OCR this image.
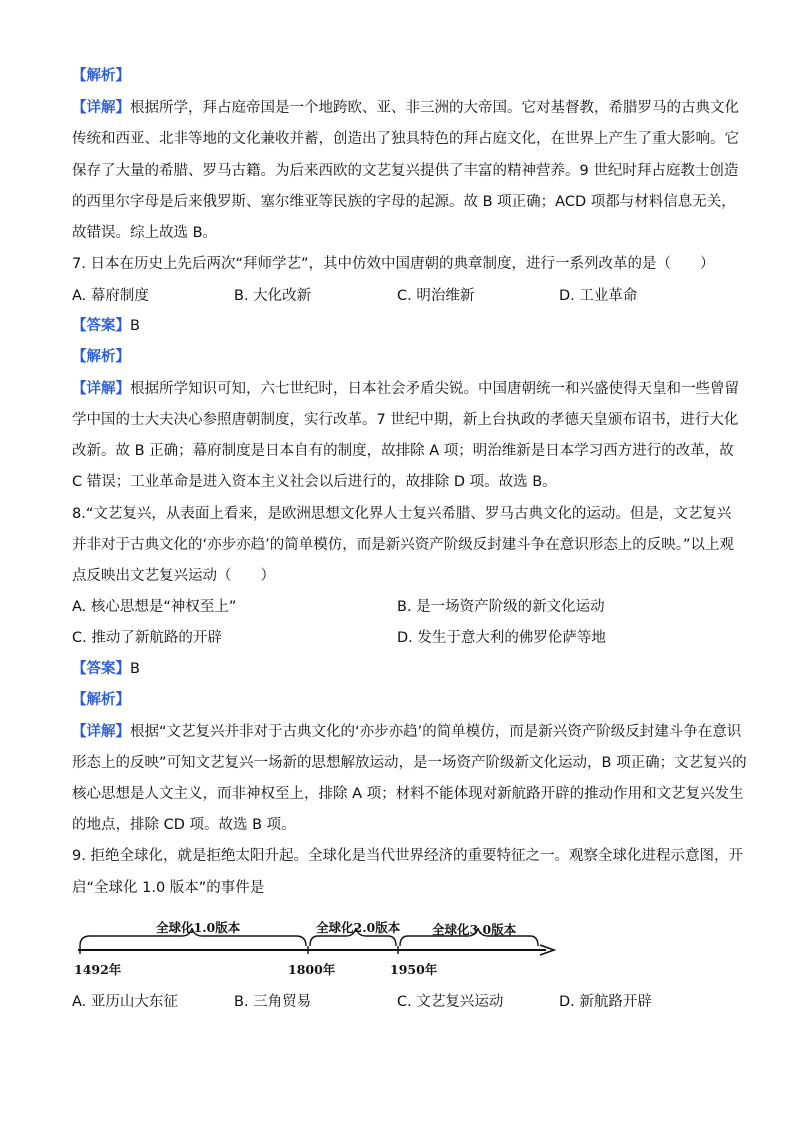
【解析】
【详解】根据所学，拜占庭帝国是一个地跨欧、亚、非三洲的大帝国。它对基督教，希腊罗马的古典文化
传统和西亚、北非等地的文化兼收并蓄，创造出了独具特色的拜占庭文化，在世界上产生了重大影响。它
保存了大量的希腊、罗马古籍。为后来西欧的文艺复兴提供了丰富的精神营养。9 世纪时拜占庭教士创造
的西里尔字母是后来俄罗斯、塞尔维亚等民族的字母的起源。故 B 项正确；ACD 项都与材料信息无关，
故错误。综上故选 B。
7. 日本在历史上先后两次“拜师学艺”，其中仿效中国唐朝的典章制度，进行一系列改革的是（　　）
A. 幕府制度	B. 大化改新	C. 明治维新	D. 工业革命
【答案】B
【解析】
【详解】根据所学知识可知，六七世纪时，日本社会矛盾尖锐。中国唐朝统一和兴盛使得天皇和一些曾留
学中国的士大夫决心参照唐朝制度，实行改革。7 世纪中期，新上台执政的孝德天皇颁布诏书，进行大化
改新。故 B 正确；幕府制度是日本自有的制度，故排除 A 项；明治维新是日本学习西方进行的改革，故
C 错误；工业革命是进入资本主义社会以后进行的，故排除 D 项。故选 B。
8.“文艺复兴，从表面上看来，是欧洲思想文化界人士复兴希腊、罗马古典文化的运动。但是，文艺复兴
并非对于古典文化的‘亦步亦趋’的简单模仿，而是新兴资产阶级反封建斗争在意识形态上的反映。”以上观
点反映出文艺复兴运动（　　）
A. 核心思想是“神权至上”	B. 是一场资产阶级的新文化运动
C. 推动了新航路的开辟	D. 发生于意大利的佛罗伦萨等地
【答案】B
【解析】
【详解】根据“文艺复兴并非对于古典文化的‘亦步亦趋’的简单模仿，而是新兴资产阶级反封建斗争在意识
形态上的反映”可知文艺复兴一场新的思想解放运动，是一场资产阶级新文化运动，B 项正确；文艺复兴的
核心思想是人文主义，而非神权至上，排除 A 项；材料不能体现对新航路开辟的推动作用和文艺复兴发生
的地点，排除 CD 项。故选 B 项。
9. 拒绝全球化，就是拒绝太阳升起。全球化是当代世界经济的重要特征之一。观察全球化进程示意图，开
启“全球化 1.0 版本”的事件是
全球化1.0版本	全球化2.0版本	全球化3.0版本
1492年	1800年	1950年
A. 亚历山大东征	B. 三角贸易	C. 文艺复兴运动	D. 新航路开辟
